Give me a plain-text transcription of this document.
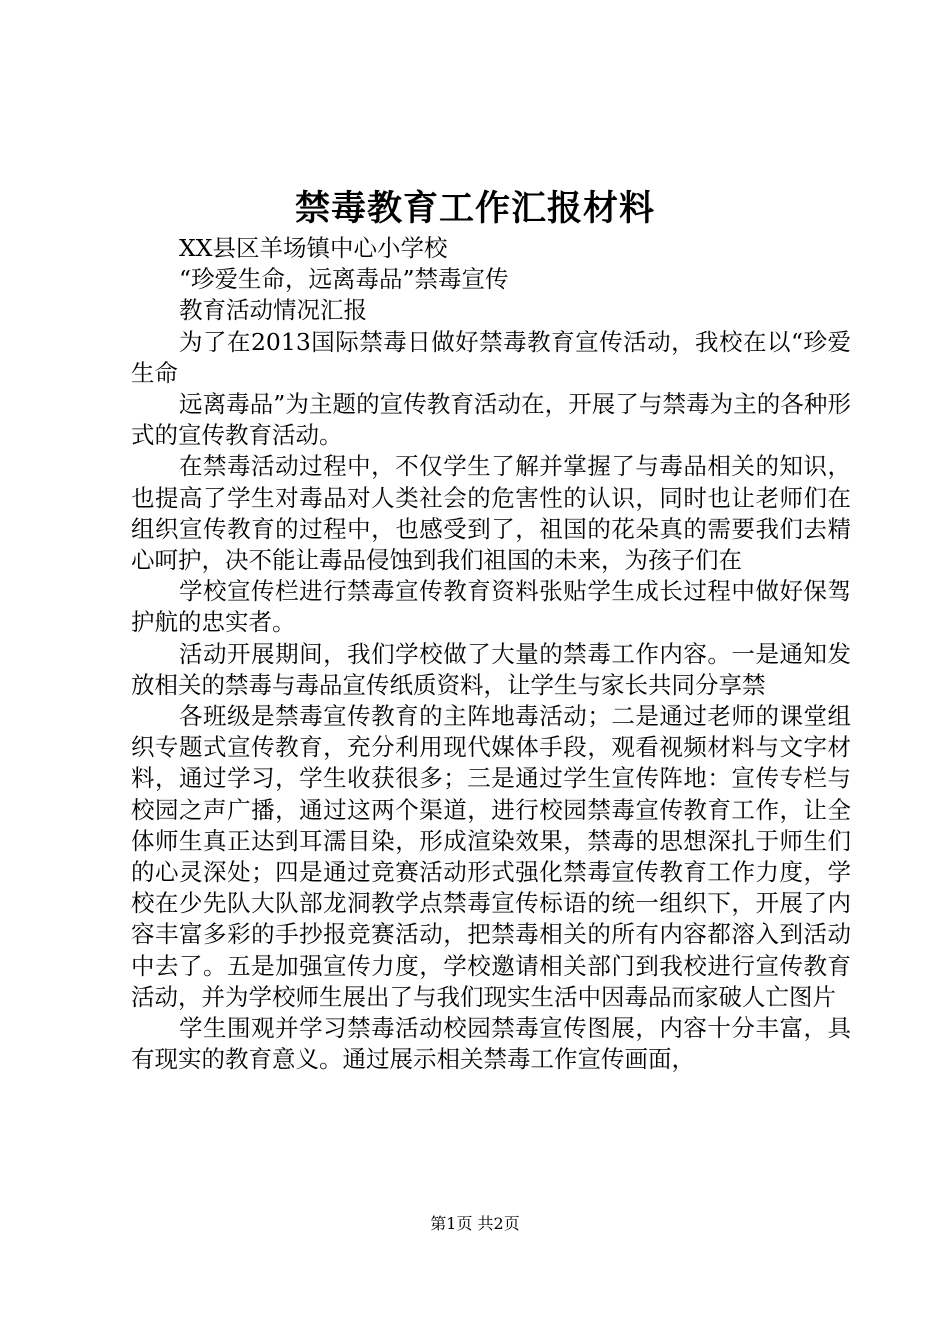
禁毒教育工作汇报材料

XX县区羊场镇中心小学校

“珍爱生命，远离毒品”禁毒宣传

教育活动情况汇报

为了在2013国际禁毒日做好禁毒教育宣传活动，我校在以“珍爱生命

远离毒品”为主题的宣传教育活动在，开展了与禁毒为主的各种形式的宣传教育活动。

在禁毒活动过程中，不仅学生了解并掌握了与毒品相关的知识，也提高了学生对毒品对人类社会的危害性的认识，同时也让老师们在组织宣传教育的过程中，也感受到了，祖国的花朵真的需要我们去精心呵护，决不能让毒品侵蚀到我们祖国的未来，为孩子们在

学校宣传栏进行禁毒宣传教育资料张贴学生成长过程中做好保驾护航的忠实者。

活动开展期间，我们学校做了大量的禁毒工作内容。一是通知发放相关的禁毒与毒品宣传纸质资料，让学生与家长共同分享禁

各班级是禁毒宣传教育的主阵地毒活动；二是通过老师的课堂组织专题式宣传教育，充分利用现代媒体手段，观看视频材料与文字材料，通过学习，学生收获很多；三是通过学生宣传阵地：宣传专栏与校园之声广播，通过这两个渠道，进行校园禁毒宣传教育工作，让全体师生真正达到耳濡目染，形成渲染效果，禁毒的思想深扎于师生们的心灵深处；四是通过竞赛活动形式强化禁毒宣传教育工作力度，学校在少先队大队部龙洞教学点禁毒宣传标语的统一组织下，开展了内容丰富多彩的手抄报竞赛活动，把禁毒相关的所有内容都溶入到活动中去了。五是加强宣传力度，学校邀请相关部门到我校进行宣传教育活动，并为学校师生展出了与我们现实生活中因毒品而家破人亡图片

学生围观并学习禁毒活动校园禁毒宣传图展，内容十分丰富，具有现实的教育意义。通过展示相关禁毒工作宣传画面，

第1页 共2页
